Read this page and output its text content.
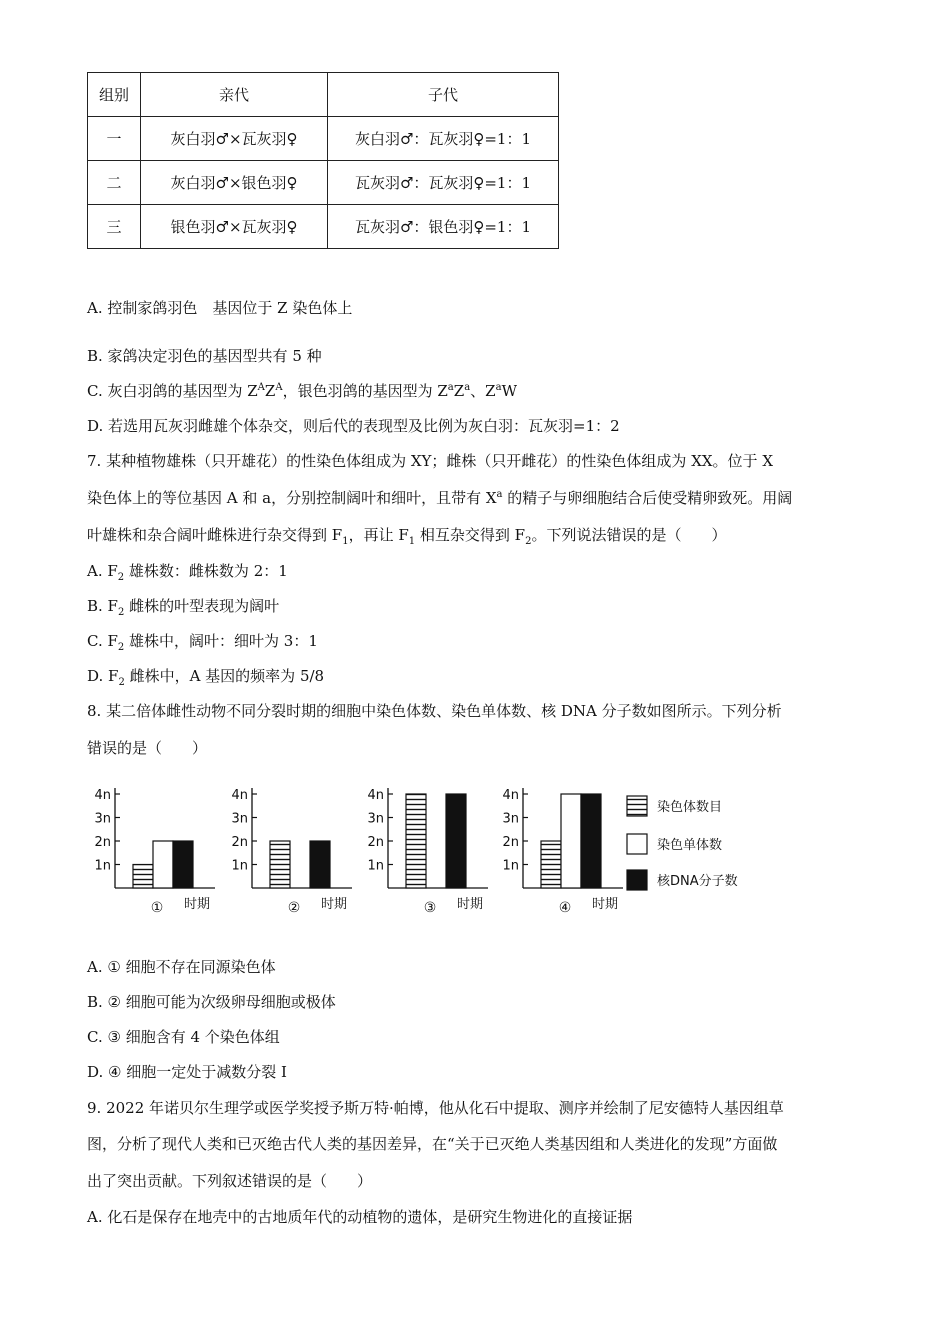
组别	亲代	子代
一	灰白羽♂×瓦灰羽♀	灰白羽♂：瓦灰羽♀=1：1
二	灰白羽♂×银色羽♀	瓦灰羽♂：瓦灰羽♀=1：1
三	银色羽♂×瓦灰羽♀	瓦灰羽♂：银色羽♀=1：1
A. 控制家鸽羽色　基因位于 Z 染色体上
B. 家鸽决定羽色的基因型共有 5 种
C. 灰白羽鸽的基因型为 $Z^AZ^A$，银色羽鸽的基因型为 $Z^aZ^a$、$Z^aW$
D. 若选用瓦灰羽雌雄个体杂交，则后代的表现型及比例为灰白羽：瓦灰羽=1：2
7. 某种植物雄株（只开雄花）的性染色体组成为 XY；雌株（只开雌花）的性染色体组成为 XX。位于 X
染色体上的等位基因 A 和 a，分别控制阔叶和细叶，且带有 $X^a$ 的精子与卵细胞结合后使受精卵致死。用阔
叶雄株和杂合阔叶雌株进行杂交得到 $F_1$，再让 $F_1$ 相互杂交得到 $F_2$。下列说法错误的是（　　）
A. $F_2$ 雄株数：雌株数为 2：1
B. $F_2$ 雌株的叶型表现为阔叶
C. $F_2$ 雄株中，阔叶：细叶为 3：1
D. $F_2$ 雌株中，A 基因的频率为 5/8
8. 某二倍体雌性动物不同分裂时期的细胞中染色体数、染色单体数、核 DNA 分子数如图所示。下列分析
错误的是（　　）
1n
2n
3n
4n
① 时期
1n
2n
3n
4n
② 时期
1n
2n
3n
4n
③ 时期
1n
2n
3n
4n
④ 时期
染色体数目
染色单体数
核DNA分子数
A. ① 细胞不存在同源染色体
B. ② 细胞可能为次级卵母细胞或极体
C. ③ 细胞含有 4 个染色体组
D. ④ 细胞一定处于减数分裂 I
9. 2022 年诺贝尔生理学或医学奖授予斯万特·帕博，他从化石中提取、测序并绘制了尼安德特人基因组草
图，分析了现代人类和已灭绝古代人类的基因差异，在“关于已灭绝人类基因组和人类进化的发现”方面做
出了突出贡献。下列叙述错误的是（　　）
A. 化石是保存在地壳中的古地质年代的动植物的遗体，是研究生物进化的直接证据
